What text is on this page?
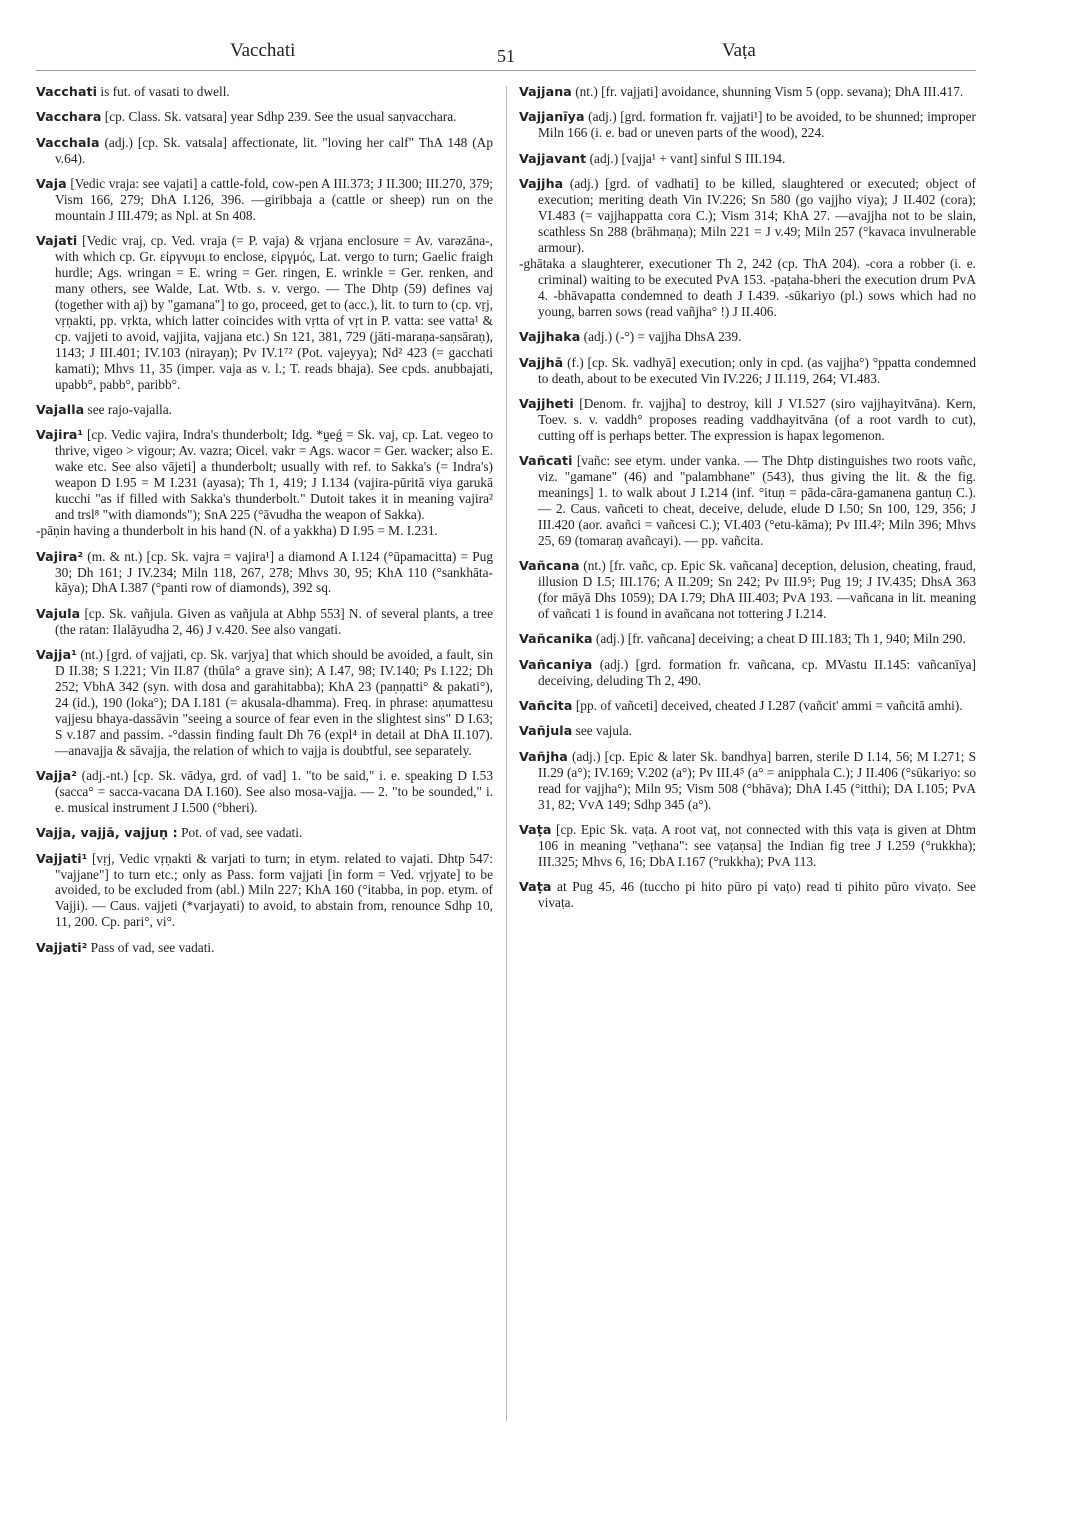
Vacchati	51	Vaṭa

Vacchati is fut. of vasati to dwell.

Vacchara [cp. Class. Sk. vatsara] year Sdhp 239. See the usual saṇvacchara.

Vacchala (adj.) [cp. Sk. vatsala] affectionate, lit. "loving her calf" ThA 148 (Ap v.64).

Vaja [Vedic vraja: see vajati] a cattle-fold, cow-pen A III.373; J II.300; III.270, 379; Vism 166, 279; DhA I.126, 396. —giribbaja a (cattle or sheep) run on the mountain J III.479; as Npl. at Sn 408.

Vajati [Vedic vraj, cp. Ved. vraja (= P. vaja) & vṛjana enclosure = Av. varəzāna-, with which cp. Gr. εἰργνυμι to enclose, εἰργμός, Lat. vergo to turn; Gaelic fraigh hurdle; Ags. wringan = E. wring = Ger. ringen, E. wrinkle = Ger. renken, and many others, see Walde, Lat. Wtb. s. v. vergo. — The Dhtp (59) defines vaj (together with aj) by "gamana"] to go, proceed, get to (acc.), lit. to turn to (cp. vṛj, vṛṇakti, pp. vṛkta, which latter coincides with vṛtta of vṛt in P. vatta: see vatta¹ & cp. vajjeti to avoid, vajjita, vajjana etc.) Sn 121, 381, 729 (jāti-maraṇa-saṇsāraṇ), 1143; J III.401; IV.103 (nirayaṇ); Pv IV.1⁷² (Pot. vajeyya); Nd² 423 (= gacchati kamati); Mhvs 11, 35 (imper. vaja as v. l.; T. reads bhaja). See cpds. anubbajati, upabb°, pabb°, paribb°.

Vajalla see rajo-vajalla.

Vajira¹ [cp. Vedic vajira, Indra's thunderbolt; Idg. *ṷeǵ = Sk. vaj, cp. Lat. vegeo to thrive, vigeo > vigour; Av. vazra; Oicel. vakr = Ags. wacor = Ger. wacker; also E. wake etc. See also vājeti] a thunderbolt; usually with ref. to Sakka's (= Indra's) weapon D I.95 = M I.231 (ayasa); Th 1, 419; J I.134 (vajira-pūritā viya garukā kucchi "as if filled with Sakka's thunderbolt." Dutoit takes it in meaning vajira² and trsl⁸ "with diamonds"); SnA 225 (°āvudha the weapon of Sakka).

-pāṇin having a thunderbolt in his hand (N. of a yakkha) D I.95 = M. I.231.

Vajira² (m. & nt.) [cp. Sk. vajra = vajira¹] a diamond A I.124 (°ūpamacitta) = Pug 30; Dh 161; J IV.234; Miln 118, 267, 278; Mhvs 30, 95; KhA 110 (°sankhāta-kāya); DhA I.387 (°panti row of diamonds), 392 sq.

Vajula [cp. Sk. vañjula. Given as vañjula at Abhp 553] N. of several plants, a tree (the ratan: Ilalāyudha 2, 46) J v.420. See also vangati.

Vajja¹ (nt.) [grd. of vajjati, cp. Sk. varjya] that which should be avoided, a fault, sin D II.38; S I.221; Vin II.87 (thūla° a grave sin); A I.47, 98; IV.140; Ps I.122; Dh 252; VbhA 342 (syn. with dosa and garahitabba); KhA 23 (paṇṇatti° & pakati°), 24 (id.), 190 (loka°); DA I.181 (= akusala-dhamma). Freq. in phrase: aṇumattesu vajjesu bhaya-dassāvin "seeing a source of fear even in the slightest sins" D I.63; S v.187 and passim. -°dassin finding fault Dh 76 (expl⁴ in detail at DhA II.107). —anavajja & sāvajja, the relation of which to vajja is doubtful, see separately.

Vajja² (adj.-nt.) [cp. Sk. vādya, grd. of vad] 1. "to be said," i. e. speaking D I.53 (sacca° = sacca-vacana DA I.160). See also mosa-vajja. — 2. "to be sounded," i. e. musical instrument J I.500 (°bheri).

Vajja, vajjā, vajjuṇ : Pot. of vad, see vadati.

Vajjati¹ [vṛj, Vedic vṛṇakti & varjati to turn; in etym. related to vajati. Dhtp 547: "vajjane"] to turn etc.; only as Pass. form vajjati [in form = Ved. vṛjyate] to be avoided, to be excluded from (abl.) Miln 227; KhA 160 (°itabba, in pop. etym. of Vajji). — Caus. vajjeti (*varjayati) to avoid, to abstain from, renounce Sdhp 10, 11, 200. Cp. pari°, vi°.

Vajjati² Pass of vad, see vadati.

Vajjana (nt.) [fr. vajjati] avoidance, shunning Vism 5 (opp. sevana); DhA III.417.

Vajjanīya (adj.) [grd. formation fr. vajjati¹] to be avoided, to be shunned; improper Miln 166 (i. e. bad or uneven parts of the wood), 224.

Vajjavant (adj.) [vajja¹ + vant] sinful S III.194.

Vajjha (adj.) [grd. of vadhati] to be killed, slaughtered or executed; object of execution; meriting death Vin IV.226; Sn 580 (go vajjho viya); J II.402 (cora); VI.483 (= vajjhappatta cora C.); Vism 314; KhA 27. —avajjha not to be slain, scathless Sn 288 (brāhmaṇa); Miln 221 = J v.49; Miln 257 (°kavaca invulnerable armour).

-ghātaka a slaughterer, executioner Th 2, 242 (cp. ThA 204). -cora a robber (i. e. criminal) waiting to be executed PvA 153. -paṭaha-bheri the execution drum PvA 4. -bhāvapatta condemned to death J I.439. -sūkariyo (pl.) sows which had no young, barren sows (read vañjha° !) J II.406.

Vajjhaka (adj.) (-°) = vajjha DhsA 239.

Vajjhā (f.) [cp. Sk. vadhyā] execution; only in cpd. (as vajjha°) °ppatta condemned to death, about to be executed Vin IV.226; J II.119, 264; VI.483.

Vajjheti [Denom. fr. vajjha] to destroy, kill J VI.527 (siro vajjhayitvāna). Kern, Toev. s. v. vaddh° proposes reading vaddhayitvāna (of a root vardh to cut), cutting off is perhaps better. The expression is hapax legomenon.

Vañcati [vañc: see etym. under vanka. — The Dhtp distinguishes two roots vañc, viz. "gamane" (46) and "palambhane" (543), thus giving the lit. & the fig. meanings] 1. to walk about J I.214 (inf. °ituṇ = pāda-cāra-gamanena gantuṇ C.). — 2. Caus. vañceti to cheat, deceive, delude, elude D I.50; Sn 100, 129, 356; J III.420 (aor. avañci = vañcesi C.); VI.403 (°etu-kāma); Pv III.4²; Miln 396; Mhvs 25, 69 (tomaraṇ avañcayi). — pp. vañcita.

Vañcana (nt.) [fr. vañc, cp. Epic Sk. vañcana] deception, delusion, cheating, fraud, illusion D I.5; III.176; A II.209; Sn 242; Pv III.9⁵; Pug 19; J IV.435; DhsA 363 (for māyā Dhs 1059); DA I.79; DhA III.403; PvA 193. —vañcana in lit. meaning of vañcati 1 is found in avañcana not tottering J I.214.

Vañcanika (adj.) [fr. vañcana] deceiving; a cheat D III.183; Th 1, 940; Miln 290.

Vañcaniya (adj.) [grd. formation fr. vañcana, cp. MVastu II.145: vañcanīya] deceiving, deluding Th 2, 490.

Vañcita [pp. of vañceti] deceived, cheated J I.287 (vañcit' ammi = vañcitā amhi).

Vañjula see vajula.

Vañjha (adj.) [cp. Epic & later Sk. bandhya] barren, sterile D I.14, 56; M I.271; S II.29 (a°); IV.169; V.202 (a°); Pv III.4⁵ (a° = anipphala C.); J II.406 (°sūkariyo: so read for vajjha°); Miln 95; Vism 508 (°bhāva); DhA I.45 (°itthi); DA I.105; PvA 31, 82; VvA 149; Sdhp 345 (a°).

Vaṭa [cp. Epic Sk. vaṭa. A root vaṭ, not connected with this vaṭa is given at Dhtm 106 in meaning "veṭhana": see vaṭaṇsa] the Indian fig tree J I.259 (°rukkha); III.325; Mhvs 6, 16; DbA I.167 (°rukkha); PvA 113.

Vaṭa at Pug 45, 46 (tuccho pi hito pūro pi vaṭo) read ti pihito pūro vivaṭo. See vivaṭa.
